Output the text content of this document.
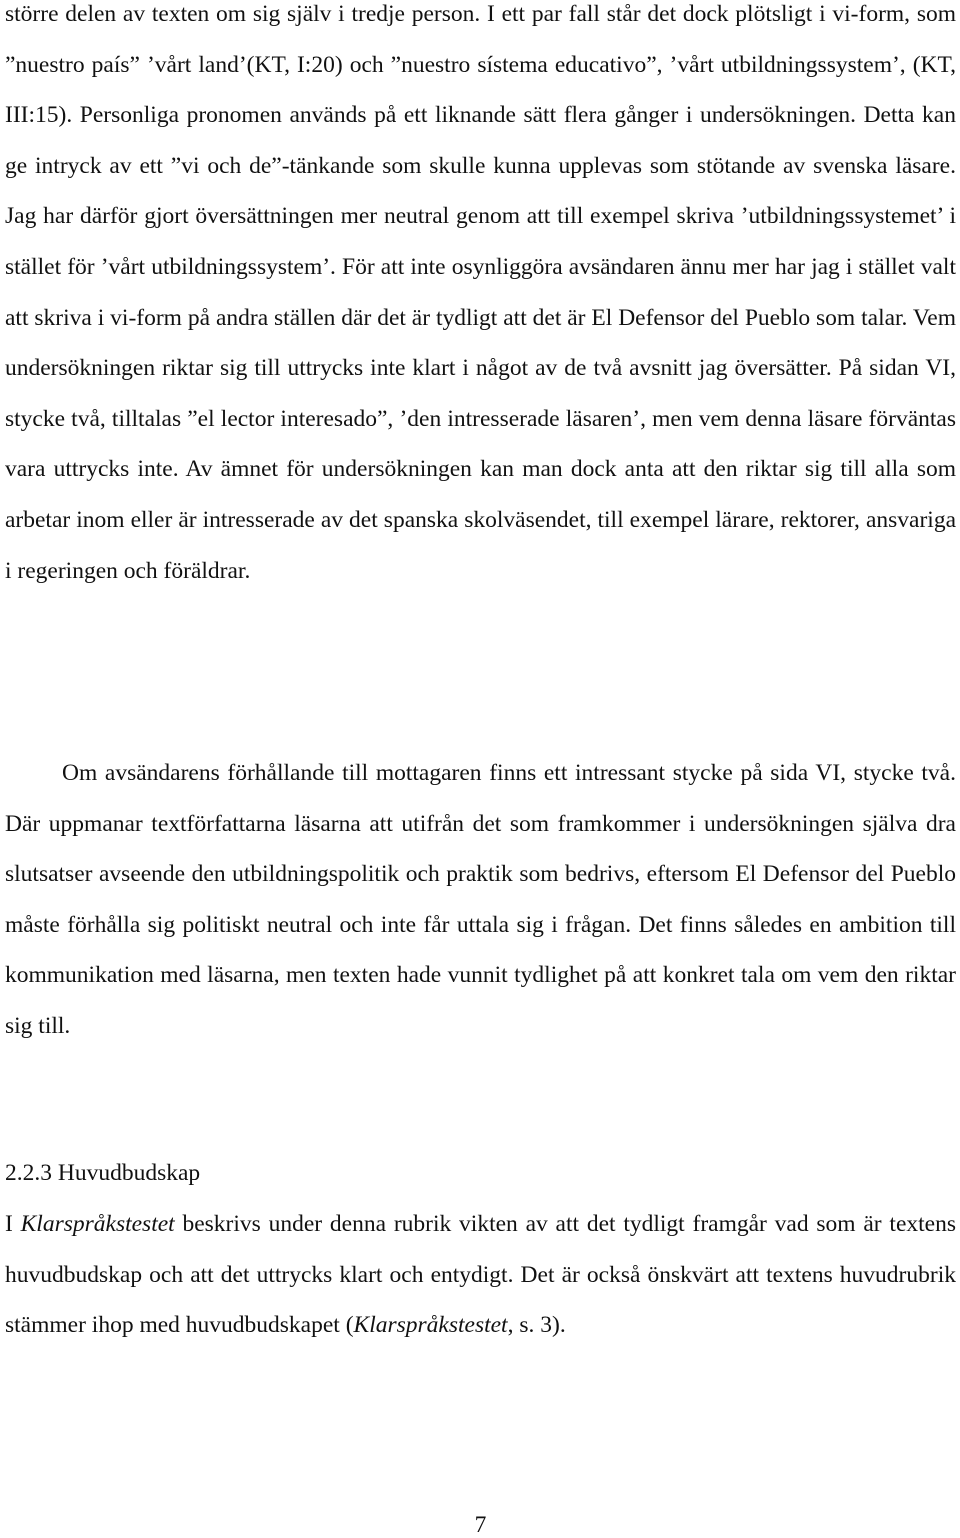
större delen av texten om sig själv i tredje person. I ett par fall står det dock plötsligt i vi-form, som ”nuestro país” ’vårt land’(KT, I:20) och ”nuestro sístema educativo”, ’vårt utbildningssystem’, (KT, III:15). Personliga pronomen används på ett liknande sätt flera gånger i undersökningen. Detta kan ge intryck av ett ”vi och de”-tänkande som skulle kunna upplevas som stötande av svenska läsare. Jag har därför gjort översättningen mer neutral genom att till exempel skriva ’utbildningssystemet’ i stället för ’vårt utbildningssystem’. För att inte osynliggöra avsändaren ännu mer har jag i stället valt att skriva i vi-form på andra ställen där det är tydligt att det är El Defensor del Pueblo som talar. Vem undersökningen riktar sig till uttrycks inte klart i något av de två avsnitt jag översätter. På sidan VI, stycke två, tilltalas ”el lector interesado”, ’den intresserade läsaren’, men vem denna läsare förväntas vara uttrycks inte. Av ämnet för undersökningen kan man dock anta att den riktar sig till alla som arbetar inom eller är intresserade av det spanska skolväsendet, till exempel lärare, rektorer, ansvariga i regeringen och föräldrar.

Om avsändarens förhållande till mottagaren finns ett intressant stycke på sida VI, stycke två. Där uppmanar textförfattarna läsarna att utifrån det som framkommer i undersökningen själva dra slutsatser avseende den utbildningspolitik och praktik som bedrivs, eftersom El Defensor del Pueblo måste förhålla sig politiskt neutral och inte får uttala sig i frågan. Det finns således en ambition till kommunikation med läsarna, men texten hade vunnit tydlighet på att konkret tala om vem den riktar sig till.

2.2.3 Huvudbudskap

I Klarspråkstestet beskrivs under denna rubrik vikten av att det tydligt framgår vad som är textens huvudbudskap och att det uttrycks klart och entydigt. Det är också önskvärt att textens huvudrubrik stämmer ihop med huvudbudskapet (Klarspråkstestet, s. 3).

7
